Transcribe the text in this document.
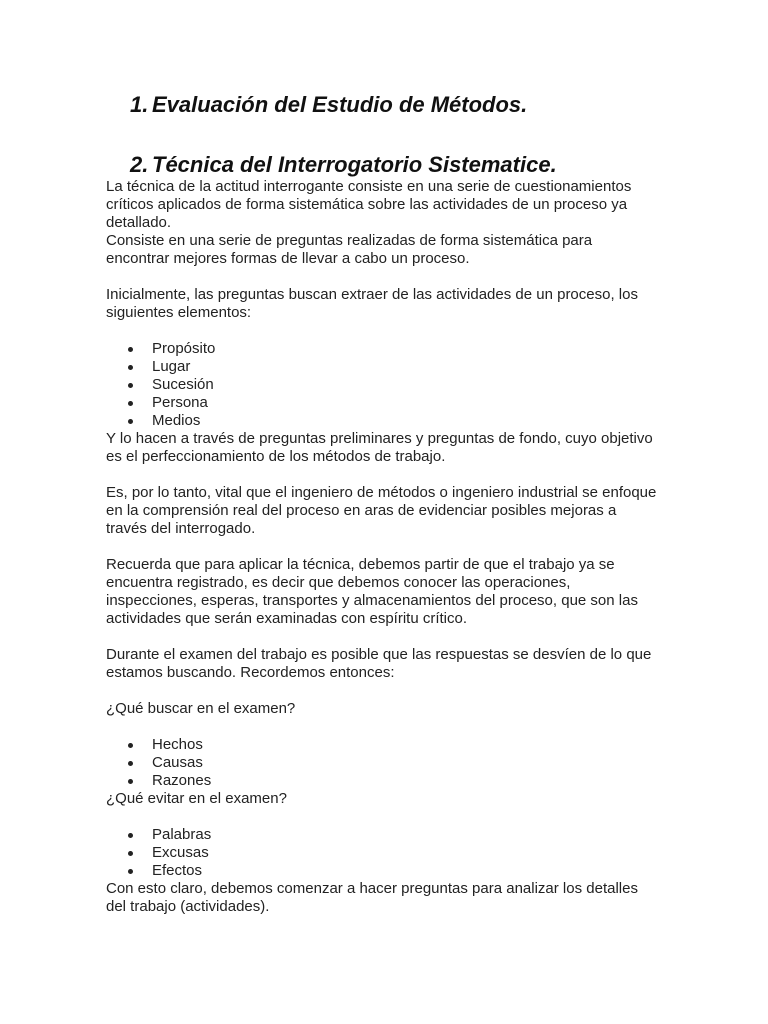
1. Evaluación del Estudio de Métodos.
2. Técnica del Interrogatorio Sistematice.

La técnica de la actitud interrogante consiste en una serie de cuestionamientos

críticos aplicados de forma sistemática sobre las actividades de un proceso ya

detallado.

Consiste en una serie de preguntas realizadas de forma sistemática para

encontrar mejores formas de llevar a cabo un proceso.

Inicialmente, las preguntas buscan extraer de las actividades de un proceso, los

siguientes elementos:

Propósito
Lugar
Sucesión
Persona
Medios

Y lo hacen a través de preguntas preliminares y preguntas de fondo, cuyo objetivo

es el perfeccionamiento de los métodos de trabajo.

Es, por lo tanto, vital que el ingeniero de métodos o ingeniero industrial se enfoque

en la comprensión real del proceso en aras de evidenciar posibles mejoras a

través del interrogado.

Recuerda que para aplicar la técnica, debemos partir de que el trabajo ya se

encuentra registrado, es decir que debemos conocer las operaciones,

inspecciones, esperas, transportes y almacenamientos del proceso, que son las

actividades que serán examinadas con espíritu crítico.

Durante el examen del trabajo es posible que las respuestas se desvíen de lo que

estamos buscando. Recordemos entonces:

¿Qué buscar en el examen?

Hechos
Causas
Razones

¿Qué evitar en el examen?

Palabras
Excusas
Efectos

Con esto claro, debemos comenzar a hacer preguntas para analizar los detalles

del trabajo (actividades).
